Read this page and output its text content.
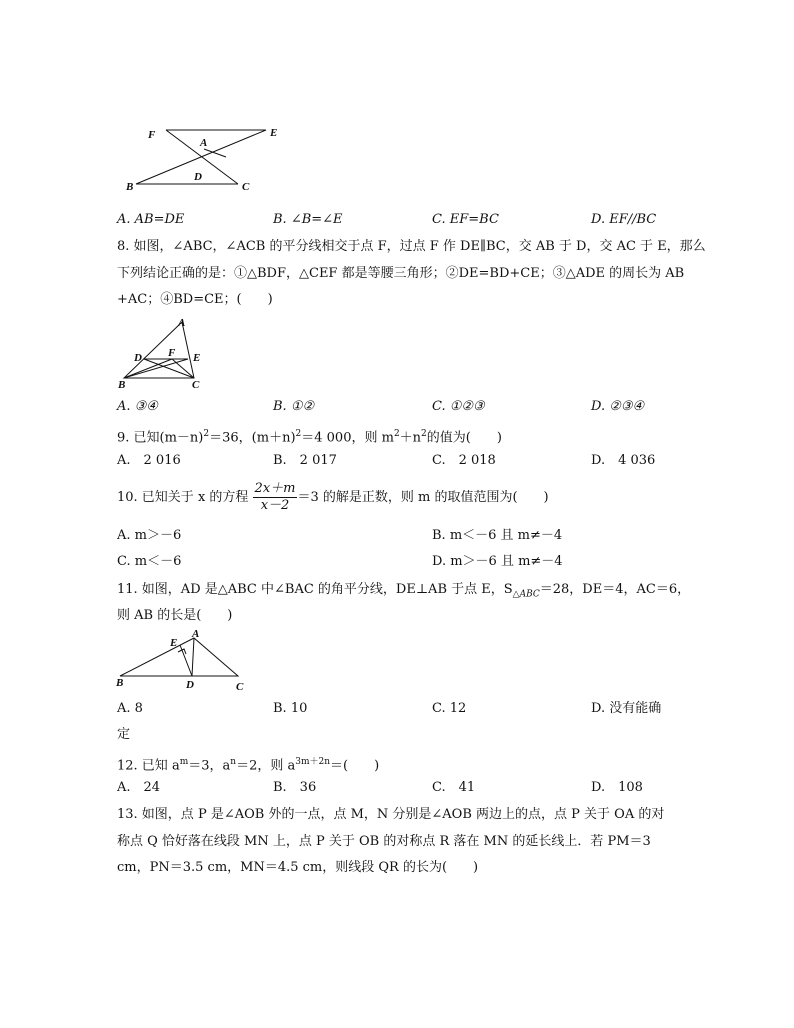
F
A
E
D
B	C
A. AB=DE	B. ∠B=∠E	C. EF=BC	D. EF//BC
8. 如图，∠ABC，∠ACB 的平分线相交于点 F，过点 F 作 DE∥BC，交 AB 于 D，交 AC 于 E，那么
下列结论正确的是：①△BDF，△CEF 都是等腰三角形；②DE=BD+CE；③△ADE 的周长为 AB
+AC；④BD=CE；(　　)
A
D F E
B	C
A. ③④	B. ①②	C. ①②③	D. ②③④
9. 已知$(m-n)^2=36$，$(m+n)^2=4$ 000，则 $m^2+n^2$的值为(　　)
A.　2 016	B.　2 017	C.　2 018	D.　4 036
10. 已知关于 x 的方程 $\frac{2x+m}{x-2} =3$ 的解是正数，则 m 的取值范围为(　　)
A. m＞－6	B. m＜－6 且 m≠－4
C. m＜－6	D. m＞－6 且 m≠－4
11. 如图，AD 是△ABC 中∠BAC 的角平分线，DE⊥AB 于点 E，$S_{\triangle ABC}=28$，DE＝4，AC＝6，
则 AB 的长是(　　)
E
A
B	D	C
A. 8	B. 10	C. 12	D. 没有能确
定
12. 已知 $a^m=3$，$a^n=2$，则 $a^{3m+2n}=$(　　)
A.　24	B.　36	C.　41	D.　108
13. 如图，点 P 是∠AOB 外的一点，点 M，N 分别是∠AOB 两边上的点，点 P 关于 OA 的对
称点 Q 恰好落在线段 MN 上，点 P 关于 OB 的对称点 R 落在 MN 的延长线上．若 PM＝3
cm，PN＝3.5 cm，MN＝4.5 cm，则线段 QR 的长为(　　)
